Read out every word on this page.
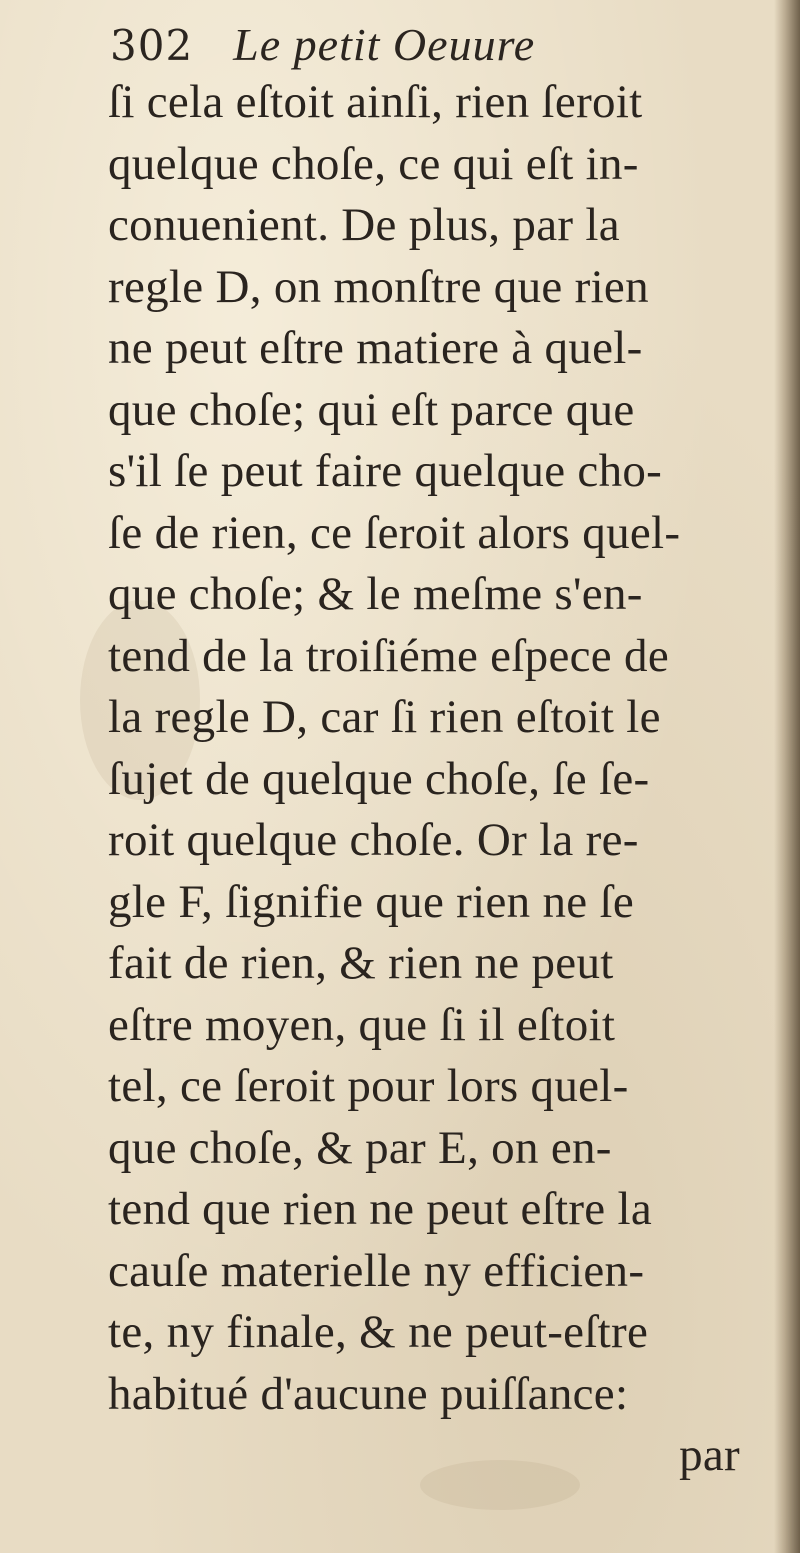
302 Le petit Oeuure
ſi cela eſtoit ainſi, rien ſeroit
quelque choſe, ce qui eſt in-
conuenient. De plus, par la
regle D, on monſtre que rien
ne peut eſtre matiere à quel-
que choſe; qui eſt parce que
s'il ſe peut faire quelque cho-
ſe de rien, ce ſeroit alors quel-
que choſe; & le meſme s'en-
tend de la troiſiéme eſpece de
la regle D, car ſi rien eſtoit le
ſujet de quelque choſe, ſe ſe-
roit quelque choſe. Or la re-
gle F, ſignifie que rien ne ſe
fait de rien, & rien ne peut
eſtre moyen, que ſi il eſtoit
tel, ce ſeroit pour lors quel-
que choſe, & par E, on en-
tend que rien ne peut eſtre la
cauſe materielle ny efficien-
te, ny finale, & ne peut-eſtre
habitué d'aucune puiſſance:
par
